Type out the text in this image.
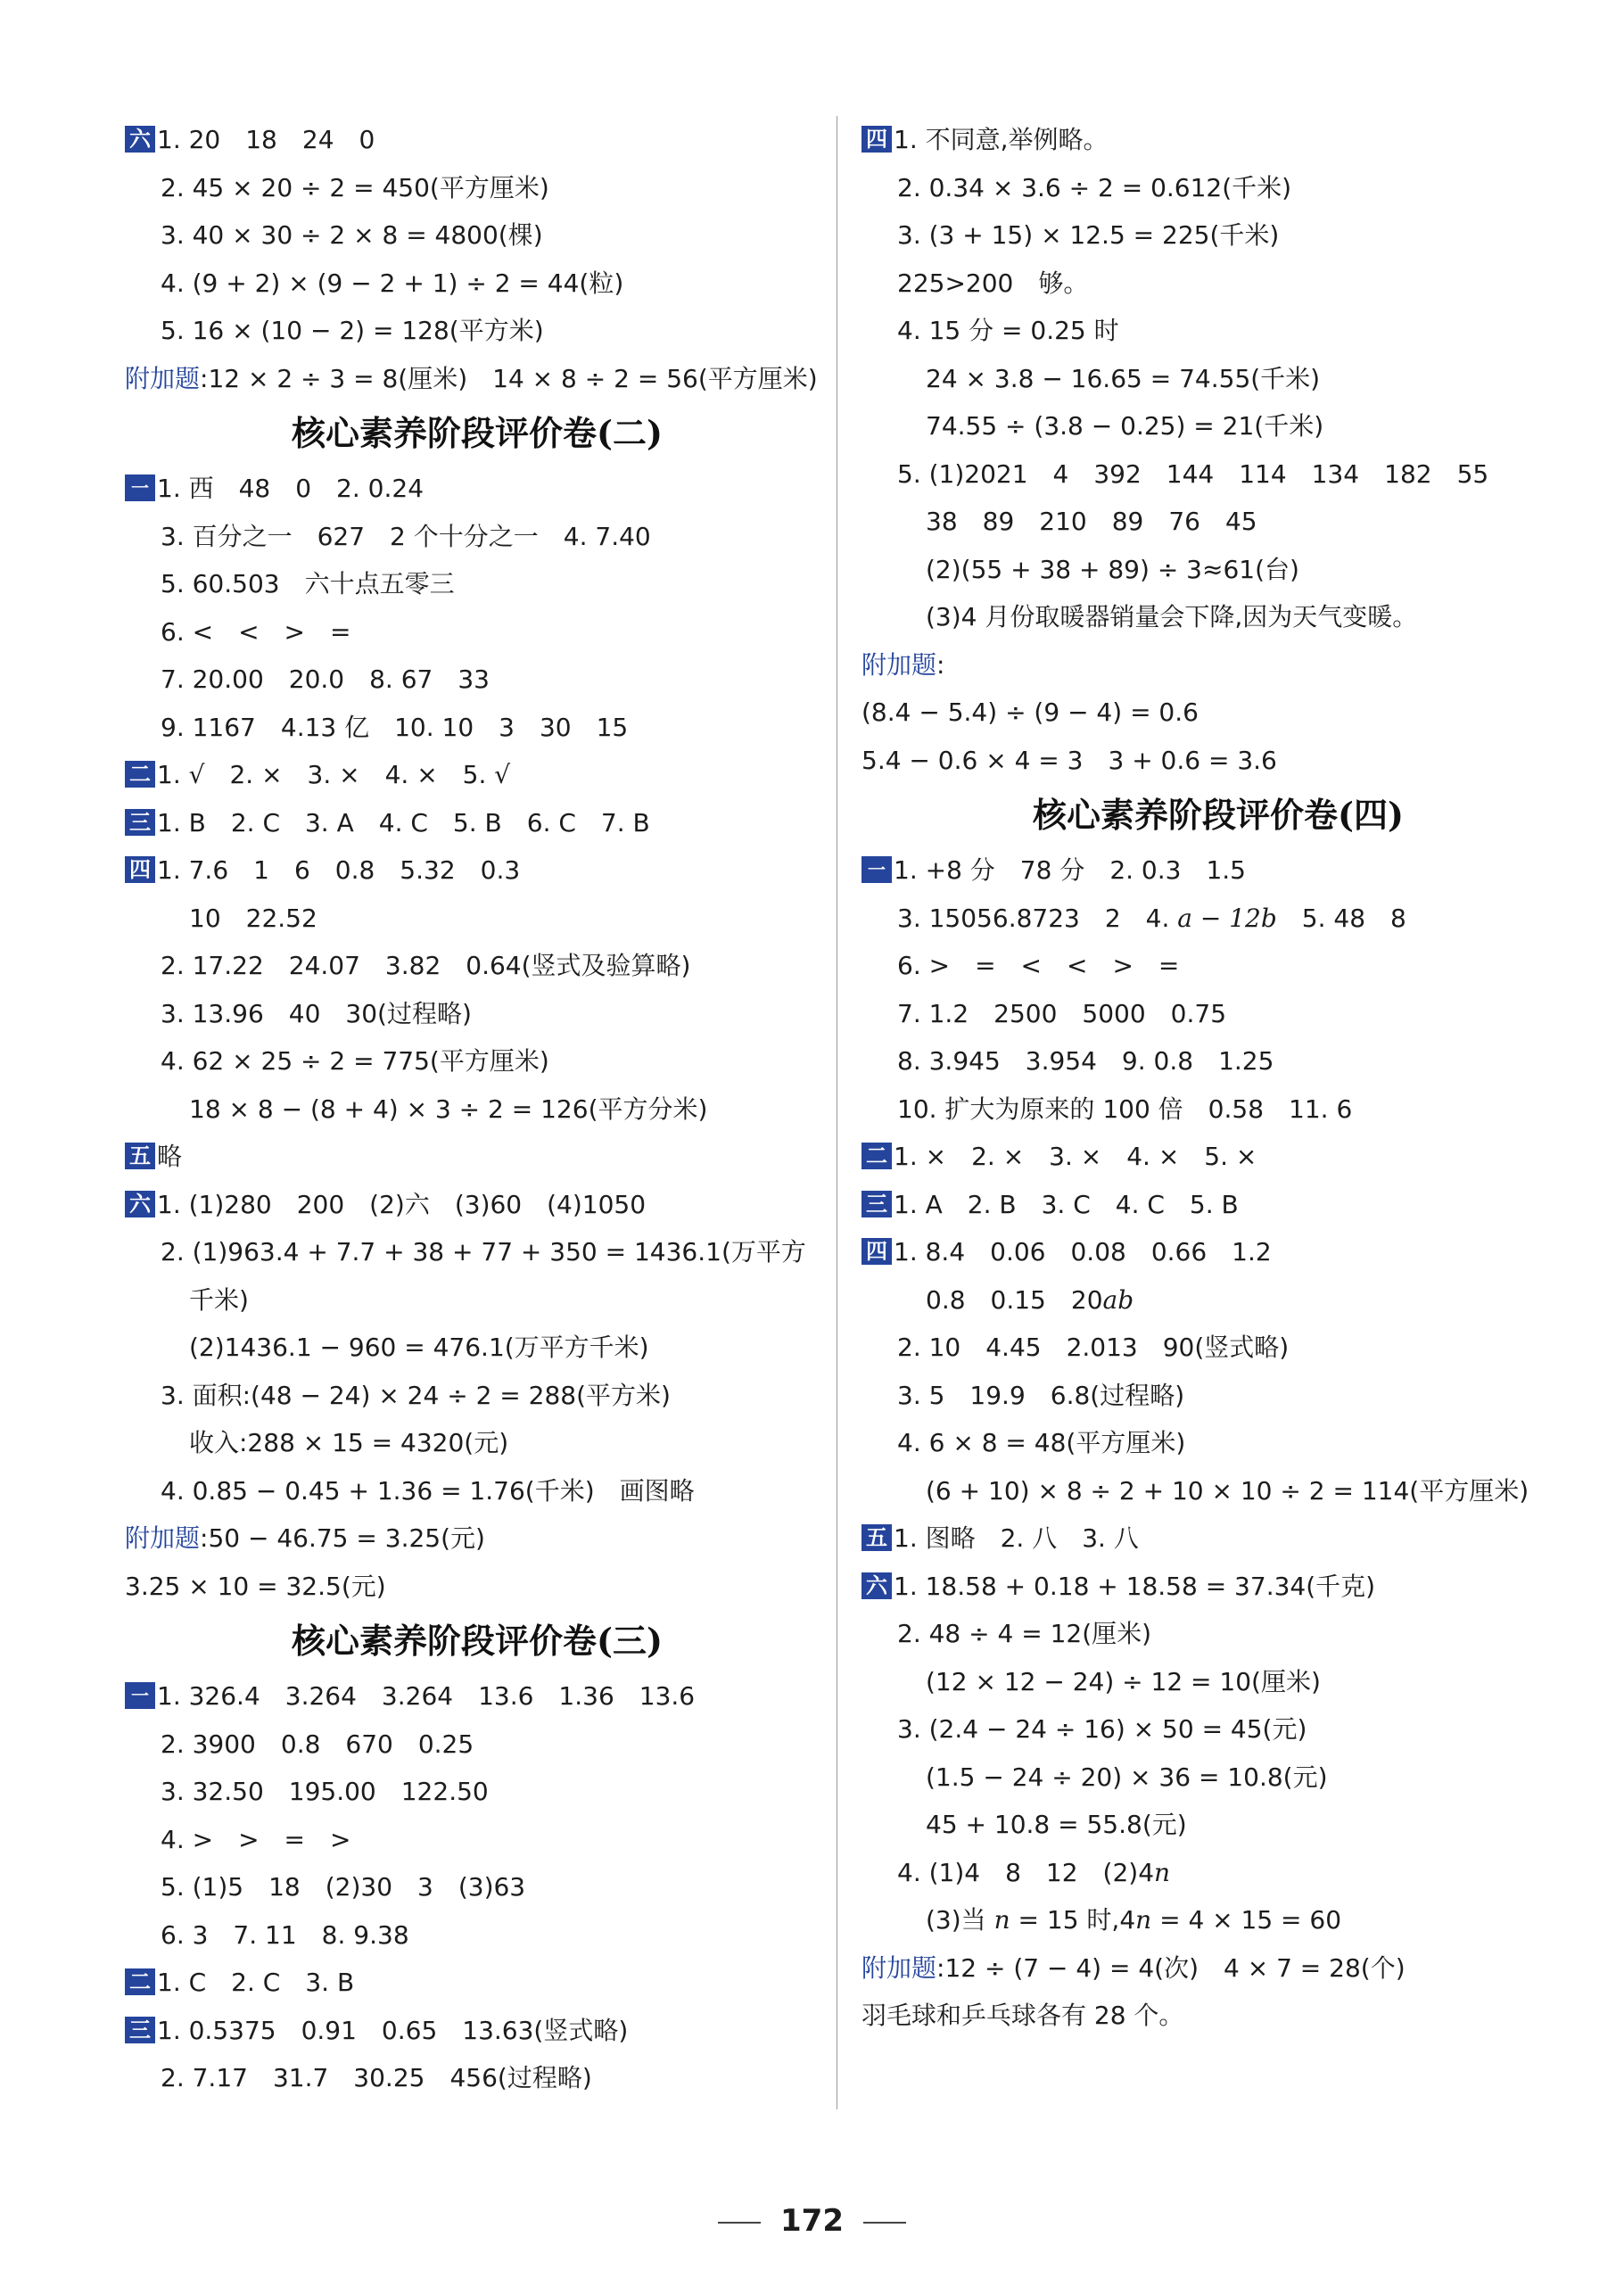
六 1. 20　18　24　0
2. 45 × 20 ÷ 2 = 450(平方厘米)
3. 40 × 30 ÷ 2 × 8 = 4800(棵)
4. (9 + 2) × (9 − 2 + 1) ÷ 2 = 44(粒)
5. 16 × (10 − 2) = 128(平方米)
附加题:12 × 2 ÷ 3 = 8(厘米)　14 × 8 ÷ 2 = 56(平方厘米)
核心素养阶段评价卷(二)
一 1. 西　48　0　2. 0.24
3. 百分之一　627　2 个十分之一　4. 7.40
5. 60.503　六十点五零三
6. <　<　>　=
7. 20.00　20.0　8. 67　33
9. 1167　4.13 亿　10. 10　3　30　15
二 1. √　2. ×　3. ×　4. ×　5. √
三 1. B　2. C　3. A　4. C　5. B　6. C　7. B
四 1. 7.6　1　6　0.8　5.32　0.3
10　22.52
2. 17.22　24.07　3.82　0.64(竖式及验算略)
3. 13.96　40　30(过程略)
4. 62 × 25 ÷ 2 = 775(平方厘米)
18 × 8 − (8 + 4) × 3 ÷ 2 = 126(平方分米)
五 略
六 1. (1)280　200　(2)六　(3)60　(4)1050
2. (1)963.4 + 7.7 + 38 + 77 + 350 = 1436.1(万平方
千米)
(2)1436.1 − 960 = 476.1(万平方千米)
3. 面积:(48 − 24) × 24 ÷ 2 = 288(平方米)
收入:288 × 15 = 4320(元)
4. 0.85 − 0.45 + 1.36 = 1.76(千米)　画图略
附加题:50 − 46.75 = 3.25(元)
3.25 × 10 = 32.5(元)
核心素养阶段评价卷(三)
一 1. 326.4　3.264　3.264　13.6　1.36　13.6
2. 3900　0.8　670　0.25
3. 32.50　195.00　122.50
4. >　>　=　>
5. (1)5　18　(2)30　3　(3)63
6. 3　7. 11　8. 9.38
二 1. C　2. C　3. B
三 1. 0.5375　0.91　0.65　13.63(竖式略)
2. 7.17　31.7　30.25　456(过程略)
四 1. 不同意,举例略。
2. 0.34 × 3.6 ÷ 2 = 0.612(千米)
3. (3 + 15) × 12.5 = 225(千米)
225>200　够。
4. 15 分 = 0.25 时
24 × 3.8 − 16.65 = 74.55(千米)
74.55 ÷ (3.8 − 0.25) = 21(千米)
5. (1)2021　4　392　144　114　134　182　55
38　89　210　89　76　45
(2)(55 + 38 + 89) ÷ 3≈61(台)
(3)4 月份取暖器销量会下降,因为天气变暖。
附加题:
(8.4 − 5.4) ÷ (9 − 4) = 0.6
5.4 − 0.6 × 4 = 3　3 + 0.6 = 3.6
核心素养阶段评价卷(四)
一 1. +8 分　78 分　2. 0.3　1.5
3. 15056.8723　2　4. a − 12b　5. 48　8
6. >　=　<　<　>　=
7. 1.2　2500　5000　0.75
8. 3.945　3.954　9. 0.8　1.25
10. 扩大为原来的 100 倍　0.58　11. 6
二 1. ×　2. ×　3. ×　4. ×　5. ×
三 1. A　2. B　3. C　4. C　5. B
四 1. 8.4　0.06　0.08　0.66　1.2
0.8　0.15　20ab
2. 10　4.45　2.013　90(竖式略)
3. 5　19.9　6.8(过程略)
4. 6 × 8 = 48(平方厘米)
(6 + 10) × 8 ÷ 2 + 10 × 10 ÷ 2 = 114(平方厘米)
五 1. 图略　2. 八　3. 八
六 1. 18.58 + 0.18 + 18.58 = 37.34(千克)
2. 48 ÷ 4 = 12(厘米)
(12 × 12 − 24) ÷ 12 = 10(厘米)
3. (2.4 − 24 ÷ 16) × 50 = 45(元)
(1.5 − 24 ÷ 20) × 36 = 10.8(元)
45 + 10.8 = 55.8(元)
4. (1)4　8　12　(2)4n
(3)当 n = 15 时,4n = 4 × 15 = 60
附加题:12 ÷ (7 − 4) = 4(次)　4 × 7 = 28(个)
羽毛球和乒乓球各有 28 个。
172
